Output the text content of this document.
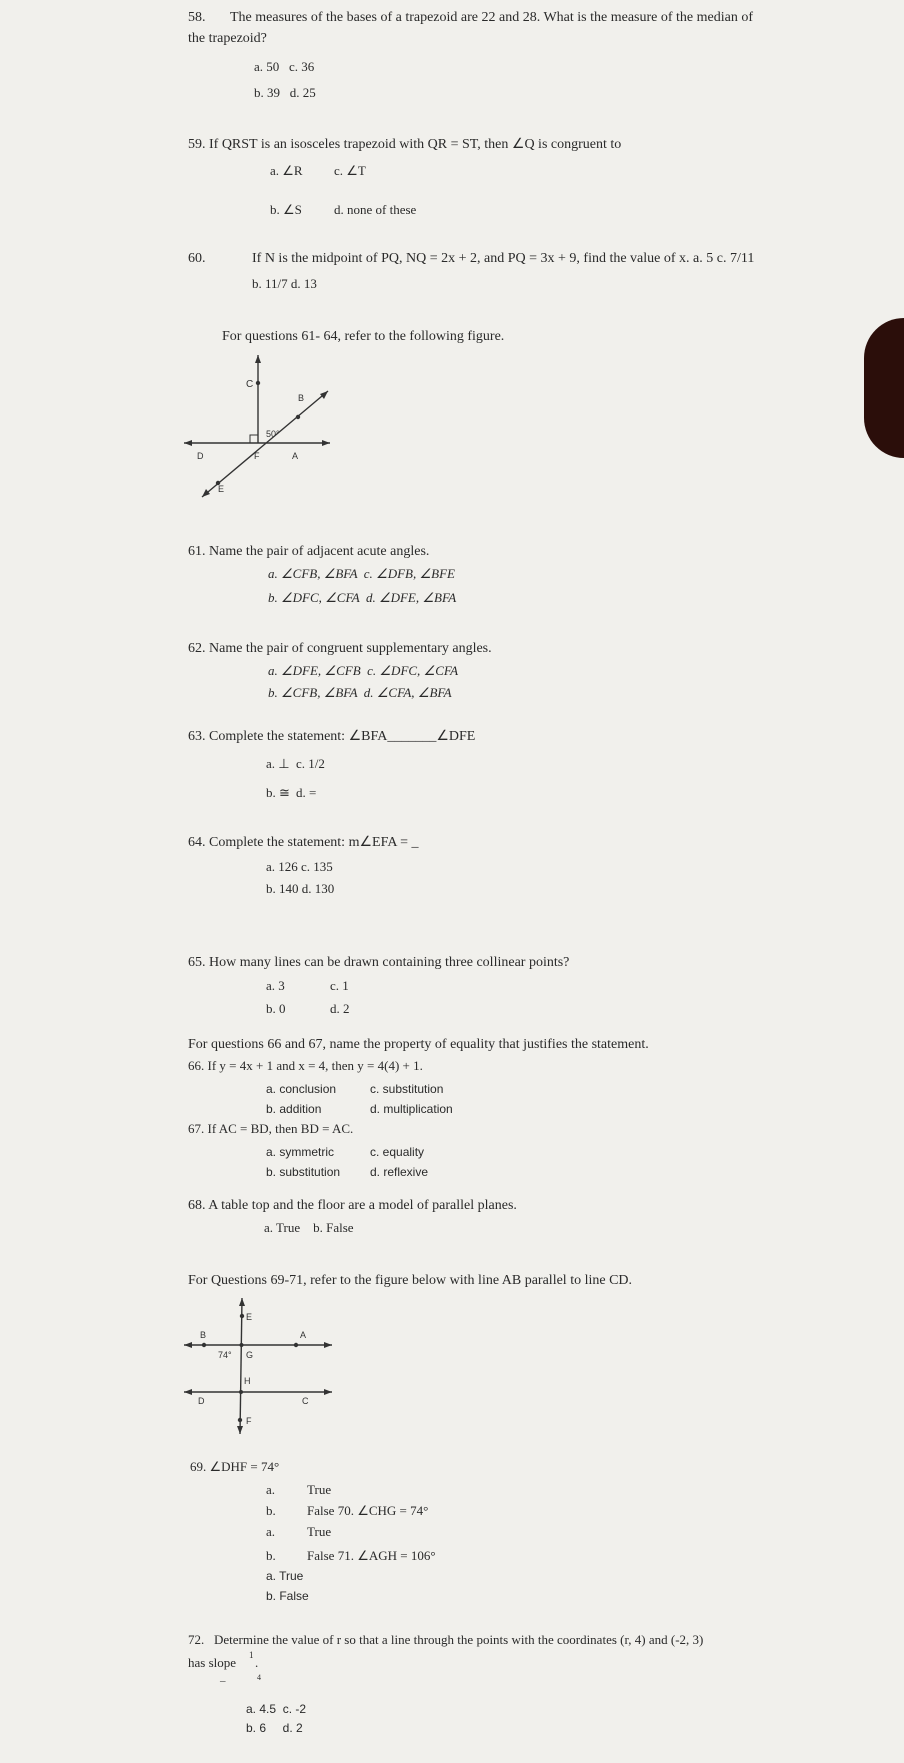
58. The measures of the bases of a trapezoid are 22 and 28. What is the measure of the median of
the trapezoid?
a. 50   c. 36
b. 39   d. 25
59. If QRST is an isosceles trapezoid with QR = ST, then ∠Q is congruent to
a. ∠R c. ∠T
b. ∠S d. none of these
60.	If N is the midpoint of PQ, NQ = 2x + 2, and PQ = 3x + 9, find the value of x. a. 5 c. 7/11
b. 11/7 d. 13
For questions 61- 64, refer to the following figure.
C
B
50°
D	F	A
E
61. Name the pair of adjacent acute angles.
a. ∠CFB, ∠BFA  c. ∠DFB, ∠BFE
b. ∠DFC, ∠CFA  d. ∠DFE, ∠BFA
62. Name the pair of congruent supplementary angles.
a. ∠DFE, ∠CFB  c. ∠DFC, ∠CFA
b. ∠CFB, ∠BFA  d. ∠CFA, ∠BFA
63. Complete the statement: ∠BFA_______∠DFE
a. ⊥ c. 1/2
b. ≅ d. =
64. Complete the statement: m∠EFA = _
a. 126 c. 135
b. 140 d. 130
65. How many lines can be drawn containing three collinear points?
a. 3	c. 1
b. 0	d. 2
For questions 66 and 67, name the property of equality that justifies the statement.
66. If y = 4x + 1 and x = 4, then y = 4(4) + 1.
a. conclusion	c. substitution
b. addition	d. multiplication
67. If AC = BD, then BD = AC.
a. symmetric	c. equality
b. substitution d. reflexive
68. A table top and the floor are a model of parallel planes.
a. True    b. False
For Questions 69-71, refer to the figure below with line AB parallel to line CD.
E
B	A
74° G
H
D	C
F
69. ∠DHF = 74°
a. True
b. False 70. ∠CHG = 74°
a. True
b. False 71. ∠AGH = 106°
a. True
b. False
72.   Determine the value of r so that a line through the points with the coordinates (r, 4) and (-2, 3)
has slope 1 .
–	4
a. 4.5  c. -2
b. 6     d. 2
